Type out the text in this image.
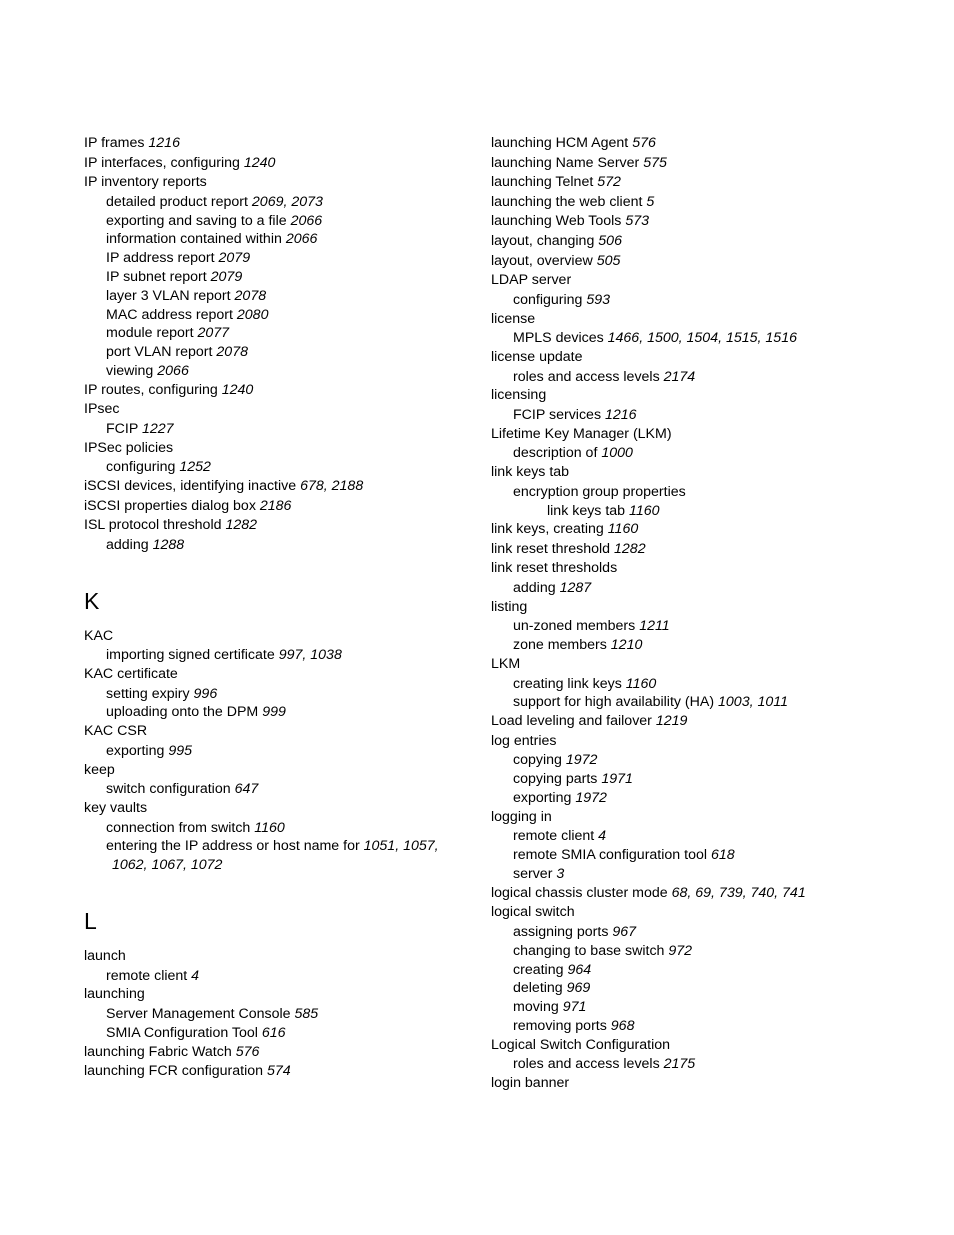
IP frames 1216
IP interfaces, configuring 1240
IP inventory reports
detailed product report 2069, 2073
exporting and saving to a file 2066
information contained within 2066
IP address report 2079
IP subnet report 2079
layer 3 VLAN report 2078
MAC address report 2080
module report 2077
port VLAN report 2078
viewing 2066
IP routes, configuring 1240
IPsec
FCIP 1227
IPSec policies
configuring 1252
iSCSI devices, identifying inactive 678, 2188
iSCSI properties dialog box 2186
ISL protocol threshold 1282
adding 1288
K
KAC
importing signed certificate 997, 1038
KAC certificate
setting expiry 996
uploading onto the DPM 999
KAC CSR
exporting 995
keep
switch configuration 647
key vaults
connection from switch 1160
entering the IP address or host name for 1051, 1057,
1062, 1067, 1072
L
launch
remote client 4
launching
Server Management Console 585
SMIA Configuration Tool 616
launching Fabric Watch 576
launching FCR configuration 574
launching HCM Agent 576
launching Name Server 575
launching Telnet 572
launching the web client 5
launching Web Tools 573
layout, changing 506
layout, overview 505
LDAP server
configuring 593
license
MPLS devices 1466, 1500, 1504, 1515, 1516
license update
roles and access levels 2174
licensing
FCIP services 1216
Lifetime Key Manager (LKM)
description of 1000
link keys tab
encryption group properties
link keys tab 1160
link keys, creating 1160
link reset threshold 1282
link reset thresholds
adding 1287
listing
un-zoned members 1211
zone members 1210
LKM
creating link keys 1160
support for high availability (HA) 1003, 1011
Load leveling and failover 1219
log entries
copying 1972
copying parts 1971
exporting 1972
logging in
remote client 4
remote SMIA configuration tool 618
server 3
logical chassis cluster mode 68, 69, 739, 740, 741
logical switch
assigning ports 967
changing to base switch 972
creating 964
deleting 969
moving 971
removing ports 968
Logical Switch Configuration
roles and access levels 2175
login banner
